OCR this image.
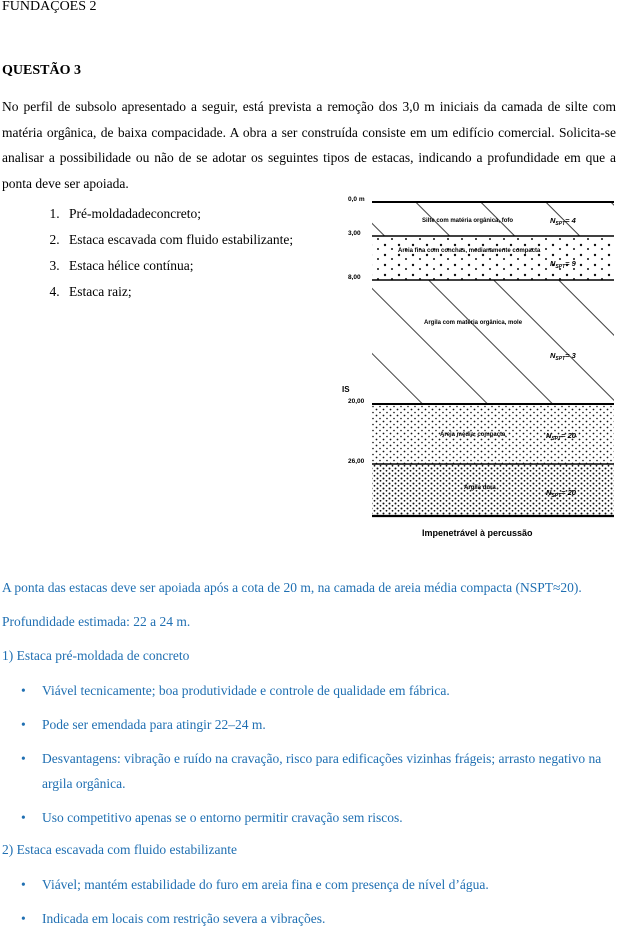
FUNDAÇÕES 2
QUESTÃO 3
No perfil de subsolo apresentado a seguir, está prevista a remoção dos 3,0 m iniciais da camada de silte com matéria orgânica, de baixa compacidade. A obra a ser construída consiste em um edifício comercial. Solicita-se analisar a possibilidade ou não de se adotar os seguintes tipos de estacas, indicando a profundidade em que a ponta deve ser apoiada.
1. Pré-moldadadeconcreto;
2. Estaca escavada com fluido estabilizante;
3. Estaca hélice contínua;
4. Estaca raiz;
0,0 m
3,00
8,00
20,00
26,00
IS
Silte com matéria orgânica, fofo
Areia fina com conchas, medianamente compacta
Argila com matéria orgânica, mole
Areia média, compacta
Argila dura
$N_{SPT}= 4$
$N_{SPT}= 9$
$N_{SPT}= 3$
$N_{SPT}= 20$
$N_{SPT}= 20$
Impenetrável à percussão
A ponta das estacas deve ser apoiada após a cota de 20 m, na camada de areia média compacta (NSPT≈20).
Profundidade estimada: 22 a 24 m.
1) Estaca pré-moldada de concreto
• Viável tecnicamente; boa produtividade e controle de qualidade em fábrica.
• Pode ser emendada para atingir 22–24 m.
• Desvantagens: vibração e ruído na cravação, risco para edificações vizinhas frágeis; arrasto negativo na argila orgânica.
• Uso competitivo apenas se o entorno permitir cravação sem riscos.
2) Estaca escavada com fluido estabilizante
• Viável; mantém estabilidade do furo em areia fina e com presença de nível d’água.
• Indicada em locais com restrição severa a vibrações.
